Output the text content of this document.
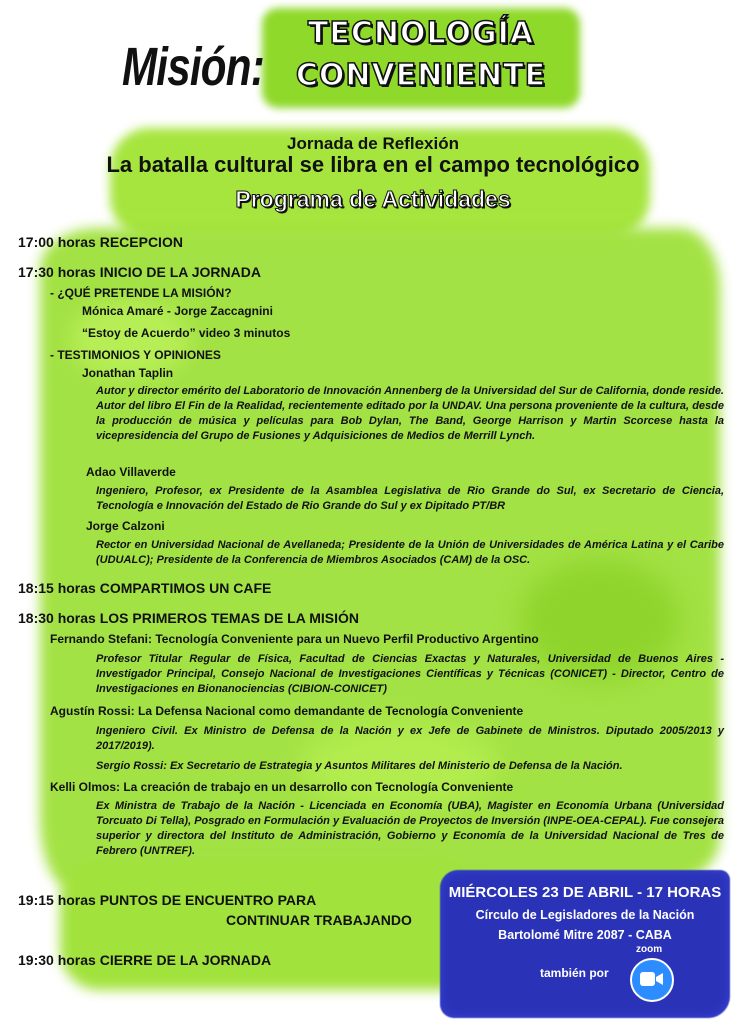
Misión:
TECNOLOGÍA
CONVENIENTE
Jornada de Reflexión
La batalla cultural se libra en el campo tecnológico
Programa de Actividades
17:00 horas RECEPCION
17:30 horas INICIO DE LA JORNADA
- ¿QUÉ PRETENDE LA MISIÓN?
Mónica Amaré - Jorge Zaccagnini
“Estoy de Acuerdo” video 3 minutos
- TESTIMONIOS Y OPINIONES
Jonathan Taplin
Autor y director emérito del Laboratorio de Innovación Annenberg de la Universidad del Sur de California, donde reside. Autor del libro El Fin de la Realidad, recientemente editado por la UNDAV. Una persona proveniente de la cultura, desde la producción de música y películas para Bob Dylan, The Band, George Harrison y Martin Scorcese hasta la vicepresidencia del Grupo de Fusiones y Adquisiciones de Medios de Merrill Lynch.
Adao Villaverde
Ingeniero, Profesor, ex Presidente de la Asamblea Legislativa de Rio Grande do Sul, ex Secretario de Ciencia, Tecnología e Innovación del Estado de Rio Grande do Sul y ex Dipitado PT/BR
Jorge Calzoni
Rector en Universidad Nacional de Avellaneda; Presidente de la Unión de Universidades de América Latina y el Caribe (UDUALC); Presidente de la Conferencia de Miembros Asociados (CAM) de la OSC.
18:15 horas COMPARTIMOS UN CAFE
18:30 horas LOS PRIMEROS TEMAS DE LA MISIÓN
Fernando Stefani: Tecnología Conveniente para un Nuevo Perfil Productivo Argentino
Profesor Titular Regular de Física, Facultad de Ciencias Exactas y Naturales, Universidad de Buenos Aires - Investigador Principal, Consejo Nacional de Investigaciones Científicas y Técnicas (CONICET) - Director, Centro de Investigaciones en Bionanociencias (CIBION-CONICET)
Agustín Rossi: La Defensa Nacional como demandante de Tecnología Conveniente
Ingeniero Civil. Ex Ministro de Defensa de la Nación y ex Jefe de Gabinete de Ministros. Diputado 2005/2013 y 2017/2019).
Sergio Rossi: Ex Secretario de Estrategia y Asuntos Militares del Ministerio de Defensa de la Nación.
Kelli Olmos: La creación de trabajo en un desarrollo con Tecnología Conveniente
Ex Ministra de Trabajo de la Nación - Licenciada en Economía (UBA), Magister en Economía Urbana (Universidad Torcuato Di Tella), Posgrado en Formulación y Evaluación de Proyectos de Inversión (INPE-OEA-CEPAL). Fue consejera superior y directora del Instituto de Administración, Gobierno y Economía de la Universidad Nacional de Tres de Febrero (UNTREF).
19:15 horas PUNTOS DE ENCUENTRO PARA
CONTINUAR TRABAJANDO
19:30 horas CIERRE DE LA JORNADA
MIÉRCOLES 23 DE ABRIL - 17 HORAS
Círculo de Legisladores de la Nación
Bartolomé Mitre 2087 - CABA
también por
zoom
